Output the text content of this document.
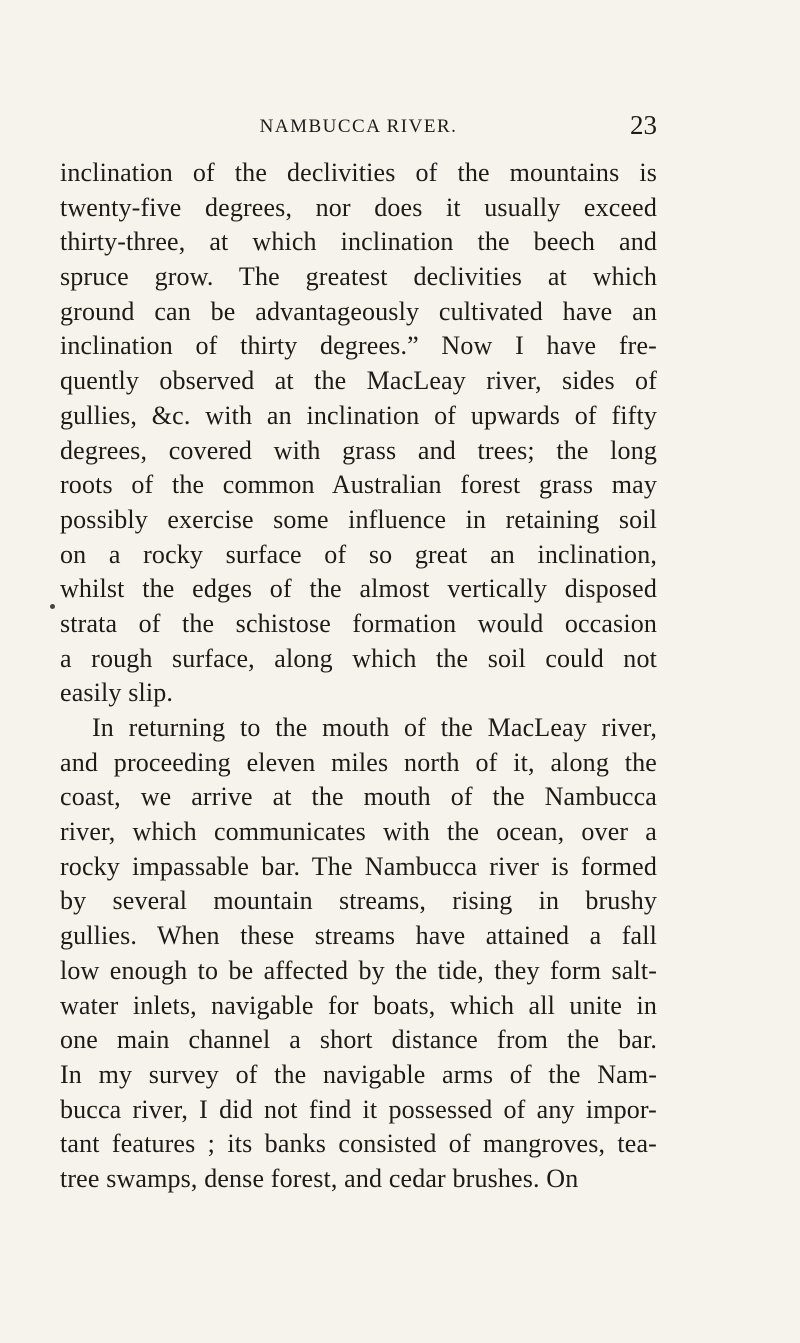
NAMBUCCA RIVER.	23
inclination of the declivities of the mountains is
twenty-five degrees, nor does it usually exceed
thirty-three, at which inclination the beech and
spruce grow. The greatest declivities at which
ground can be advantageously cultivated have an
inclination of thirty degrees.” Now I have fre-
quently observed at the MacLeay river, sides of
gullies, &c. with an inclination of upwards of fifty
degrees, covered with grass and trees; the long
roots of the common Australian forest grass may
possibly exercise some influence in retaining soil
on a rocky surface of so great an inclination,
whilst the edges of the almost vertically disposed
strata of the schistose formation would occasion
a rough surface, along which the soil could not
easily slip.
In returning to the mouth of the MacLeay river,
and proceeding eleven miles north of it, along the
coast, we arrive at the mouth of the Nambucca
river, which communicates with the ocean, over a
rocky impassable bar. The Nambucca river is formed
by several mountain streams, rising in brushy
gullies. When these streams have attained a fall
low enough to be affected by the tide, they form salt-
water inlets, navigable for boats, which all unite in
one main channel a short distance from the bar.
In my survey of the navigable arms of the Nam-
bucca river, I did not find it possessed of any impor-
tant features ; its banks consisted of mangroves, tea-
tree swamps, dense forest, and cedar brushes. On
